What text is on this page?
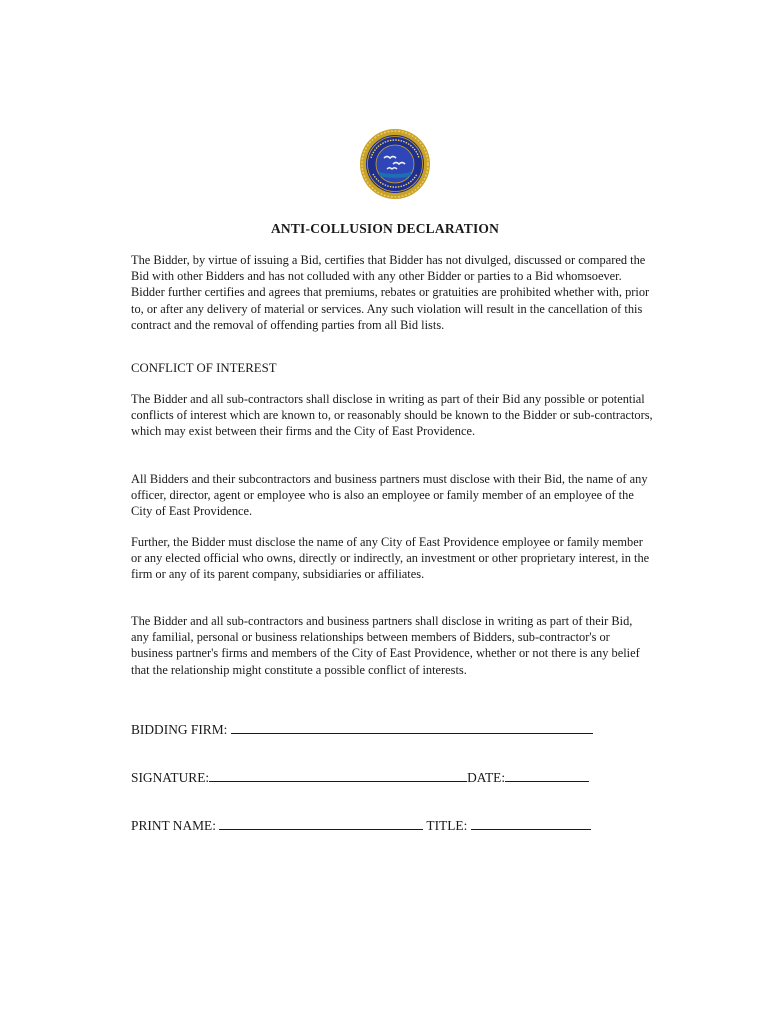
ANTI-COLLUSION DECLARATION

The Bidder, by virtue of issuing a Bid, certifies that Bidder has not divulged, discussed or compared the Bid with other Bidders and has not colluded with any other Bidder or parties to a Bid whomsoever. Bidder further certifies and agrees that premiums, rebates or gratuities are prohibited whether with, prior to, or after any delivery of material or services. Any such violation will result in the cancellation of this contract and the removal of offending parties from all Bid lists.

CONFLICT OF INTEREST

The Bidder and all sub-contractors shall disclose in writing as part of their Bid any possible or potential conflicts of interest which are known to, or reasonably should be known to the Bidder or sub-contractors, which may exist between their firms and the City of East Providence.

All Bidders and their subcontractors and business partners must disclose with their Bid, the name of any officer, director, agent or employee who is also an employee or family member of an employee of the City of East Providence.

Further, the Bidder must disclose the name of any City of East Providence employee or family member or any elected official who owns, directly or indirectly, an investment or other proprietary interest, in the firm or any of its parent company, subsidiaries or affiliates.

The Bidder and all sub-contractors and business partners shall disclose in writing as part of their Bid, any familial, personal or business relationships between members of Bidders, sub-contractor's or business partner's firms and members of the City of East Providence, whether or not there is any belief that the relationship might constitute a possible conflict of interests.

BIDDING FIRM:
SIGNATURE:	DATE:
PRINT NAME:	TITLE:
